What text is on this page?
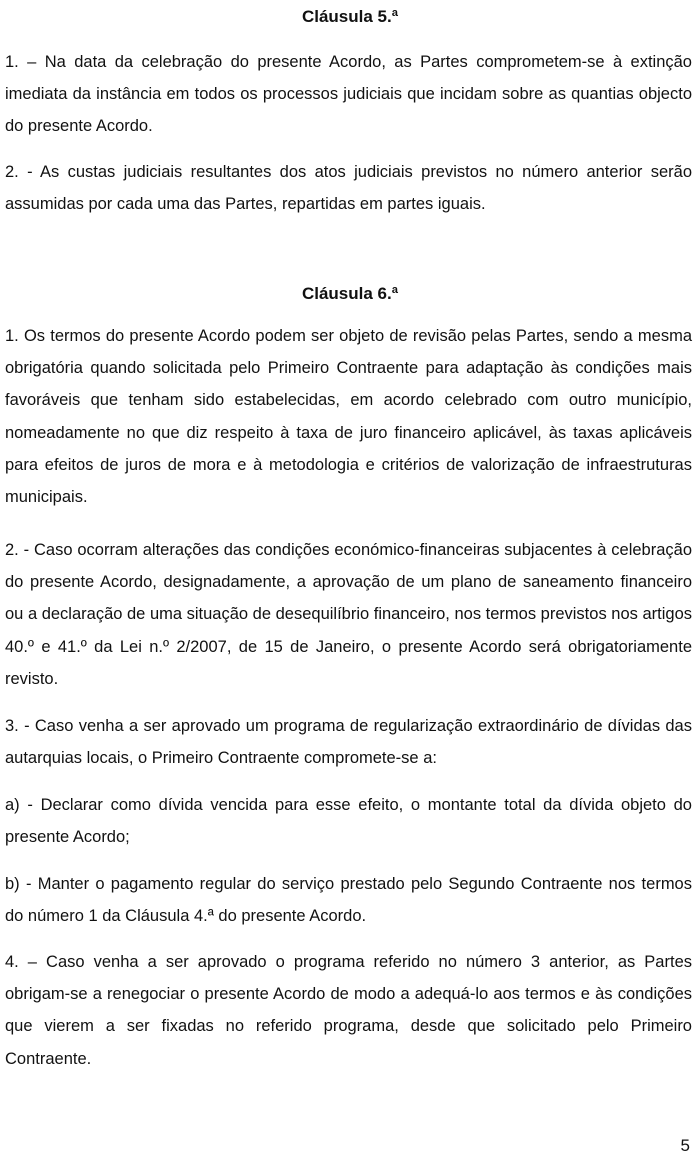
Cláusula 5.ª

1. – Na data da celebração do presente Acordo, as Partes comprometem-se à extinção imediata da instância em todos os processos judiciais que incidam sobre as quantias objecto do presente Acordo.

2. - As custas judiciais resultantes dos atos judiciais previstos no número anterior serão assumidas por cada uma das Partes, repartidas em partes iguais.

Cláusula 6.ª

1. Os termos do presente Acordo podem ser objeto de revisão pelas Partes, sendo a mesma obrigatória quando solicitada pelo Primeiro Contraente para adaptação às condições mais favoráveis que tenham sido estabelecidas, em acordo celebrado com outro município, nomeadamente no que diz respeito à taxa de juro financeiro aplicável, às taxas aplicáveis para efeitos de juros de mora e à metodologia e critérios de valorização de infraestruturas municipais.

2. - Caso ocorram alterações das condições económico-financeiras subjacentes à celebração do presente Acordo, designadamente, a aprovação de um plano de saneamento financeiro ou a declaração de uma situação de desequilíbrio financeiro, nos termos previstos nos artigos 40.º e 41.º da Lei n.º 2/2007, de 15 de Janeiro, o presente Acordo será obrigatoriamente revisto.

3. - Caso venha a ser aprovado um programa de regularização extraordinário de dívidas das autarquias locais, o Primeiro Contraente compromete-se a:

a) - Declarar como dívida vencida para esse efeito, o montante total da dívida objeto do presente Acordo;

b) - Manter o pagamento regular do serviço prestado pelo Segundo Contraente nos termos do número 1 da Cláusula 4.ª do presente Acordo.

4. – Caso venha a ser aprovado o programa referido no número 3 anterior, as Partes obrigam-se a renegociar o presente Acordo de modo a adequá-lo aos termos e às condições que vierem a ser fixadas no referido programa, desde que solicitado pelo Primeiro Contraente.

5
